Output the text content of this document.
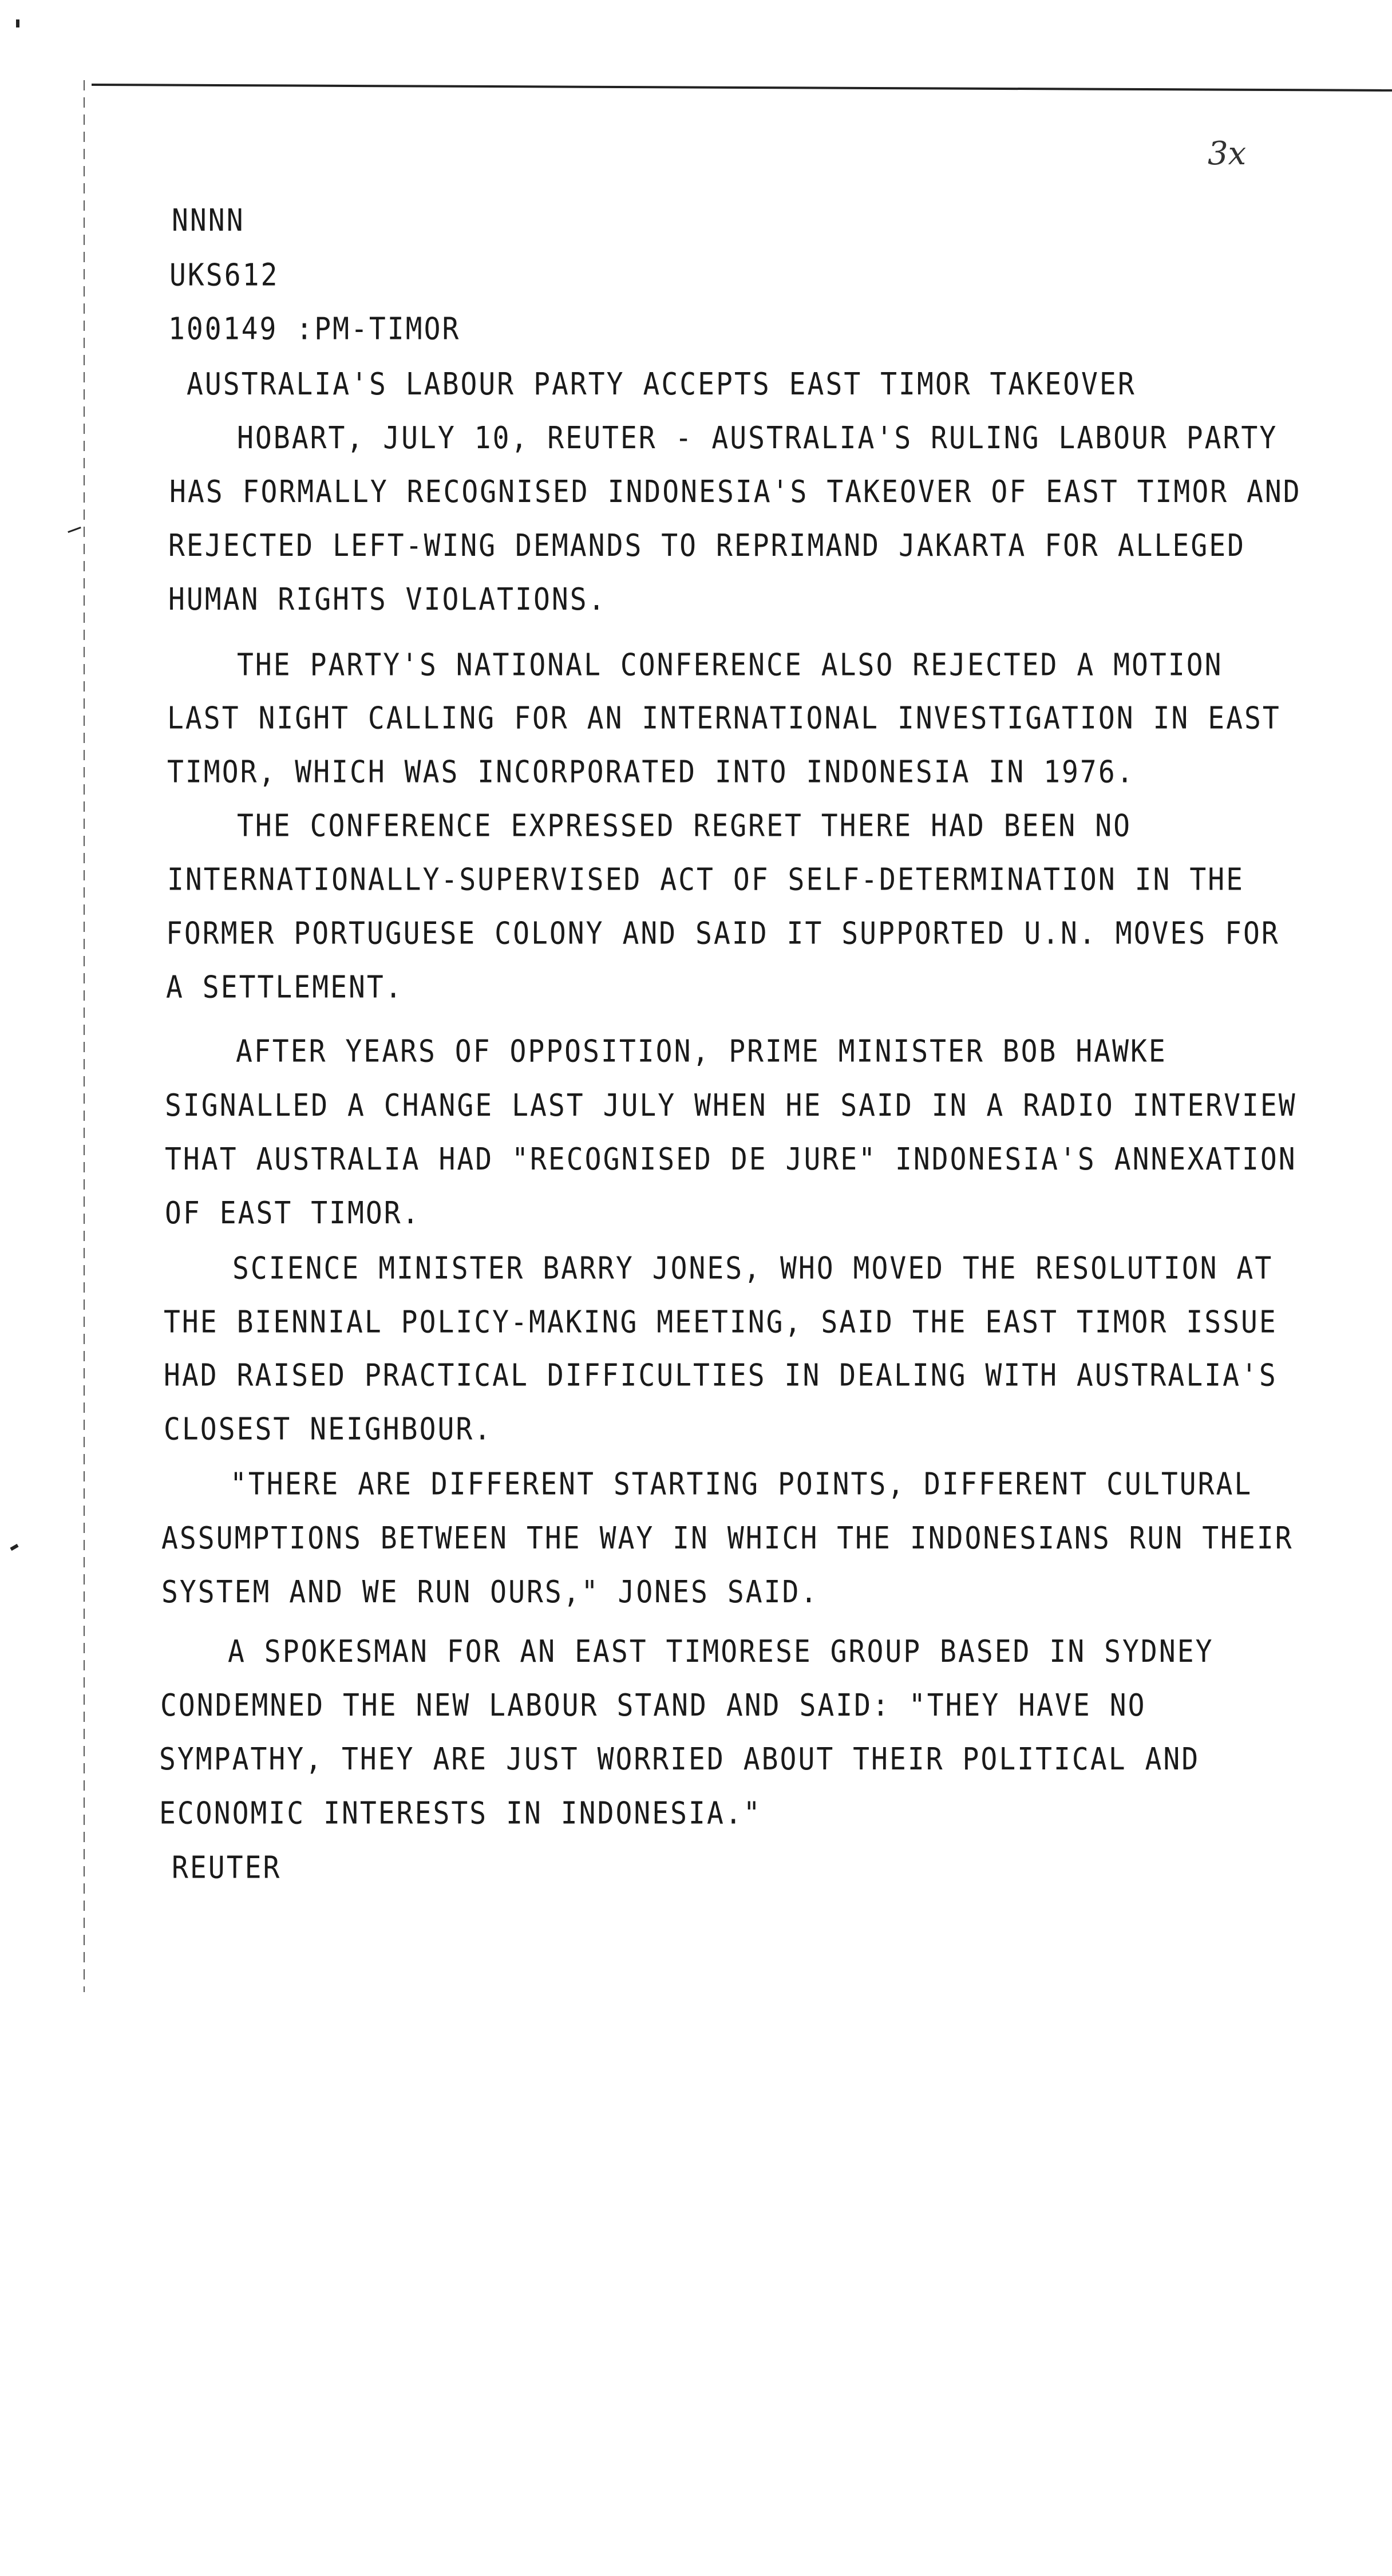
3x

NNNN

UKS612

100149 :PM-TIMOR

AUSTRALIA'S LABOUR PARTY ACCEPTS EAST TIMOR TAKEOVER

HOBART, JULY 10, REUTER - AUSTRALIA'S RULING LABOUR PARTY

HAS FORMALLY RECOGNISED INDONESIA'S TAKEOVER OF EAST TIMOR AND

REJECTED LEFT-WING DEMANDS TO REPRIMAND JAKARTA FOR ALLEGED

HUMAN RIGHTS VIOLATIONS.

THE PARTY'S NATIONAL CONFERENCE ALSO REJECTED A MOTION

LAST NIGHT CALLING FOR AN INTERNATIONAL INVESTIGATION IN EAST

TIMOR, WHICH WAS INCORPORATED INTO INDONESIA IN 1976.

THE CONFERENCE EXPRESSED REGRET THERE HAD BEEN NO

INTERNATIONALLY-SUPERVISED ACT OF SELF-DETERMINATION IN THE

FORMER PORTUGUESE COLONY AND SAID IT SUPPORTED U.N. MOVES FOR

A SETTLEMENT.

AFTER YEARS OF OPPOSITION, PRIME MINISTER BOB HAWKE

SIGNALLED A CHANGE LAST JULY WHEN HE SAID IN A RADIO INTERVIEW

THAT AUSTRALIA HAD "RECOGNISED DE JURE" INDONESIA'S ANNEXATION

OF EAST TIMOR.

SCIENCE MINISTER BARRY JONES, WHO MOVED THE RESOLUTION AT

THE BIENNIAL POLICY-MAKING MEETING, SAID THE EAST TIMOR ISSUE

HAD RAISED PRACTICAL DIFFICULTIES IN DEALING WITH AUSTRALIA'S

CLOSEST NEIGHBOUR.

"THERE ARE DIFFERENT STARTING POINTS, DIFFERENT CULTURAL

ASSUMPTIONS BETWEEN THE WAY IN WHICH THE INDONESIANS RUN THEIR

SYSTEM AND WE RUN OURS," JONES SAID.

A SPOKESMAN FOR AN EAST TIMORESE GROUP BASED IN SYDNEY

CONDEMNED THE NEW LABOUR STAND AND SAID: "THEY HAVE NO

SYMPATHY, THEY ARE JUST WORRIED ABOUT THEIR POLITICAL AND

ECONOMIC INTERESTS IN INDONESIA."

REUTER
